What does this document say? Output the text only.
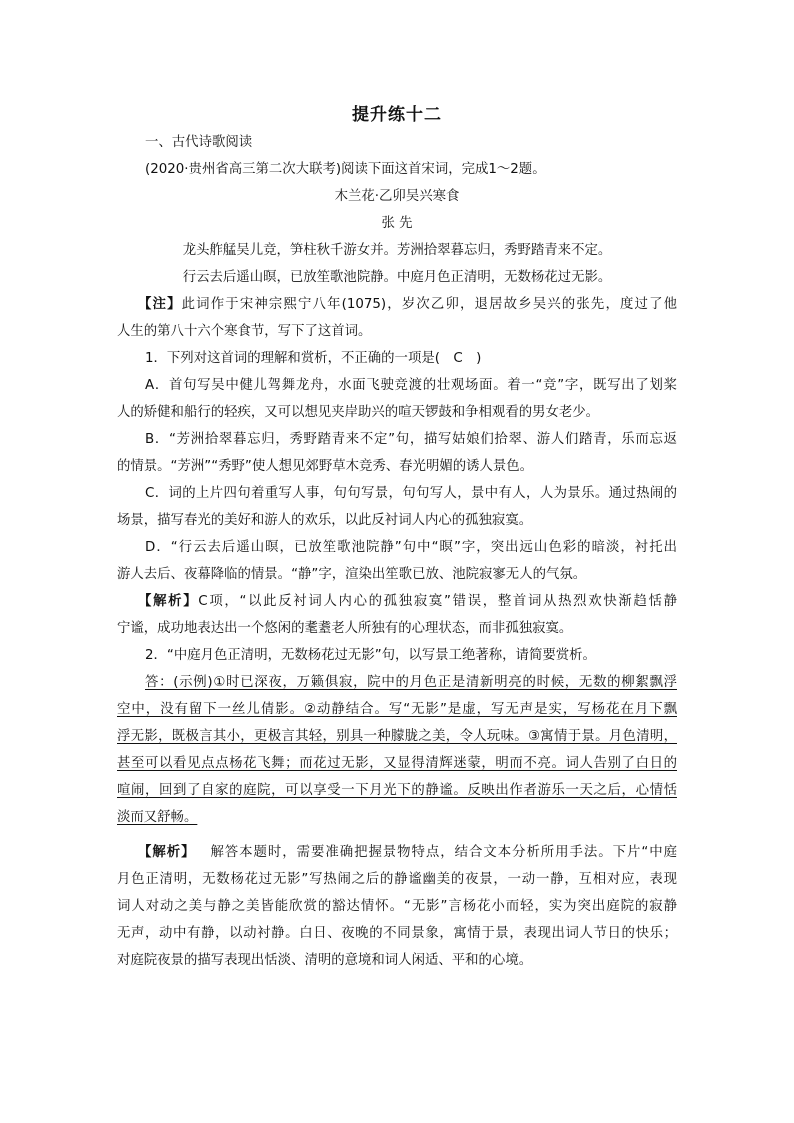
提升练十二
一、古代诗歌阅读
(2020·贵州省高三第二次大联考)阅读下面这首宋词，完成1～2题。
木兰花·乙卯吴兴寒食
张 先
龙头舴艋吴儿竞，笋柱秋千游女并。芳洲拾翠暮忘归，秀野踏青来不定。
行云去后遥山暝，已放笙歌池院静。中庭月色正清明，无数杨花过无影。
【注】此词作于宋神宗熙宁八年(1075)，岁次乙卯，退居故乡吴兴的张先，度过了他
人生的第八十六个寒食节，写下了这首词。
1．下列对这首词的理解和赏析，不正确的一项是(　C　)
A．首句写吴中健儿驾舞龙舟，水面飞驶竞渡的壮观场面。着一“竞”字，既写出了划桨
人的矫健和船行的轻疾，又可以想见夹岸助兴的喧天锣鼓和争相观看的男女老少。
B．“芳洲拾翠暮忘归，秀野踏青来不定”句，描写姑娘们拾翠、游人们踏青，乐而忘返
的情景。“芳洲”“秀野”使人想见郊野草木竞秀、春光明媚的诱人景色。
C．词的上片四句着重写人事，句句写景，句句写人，景中有人，人为景乐。通过热闹的
场景，描写春光的美好和游人的欢乐，以此反衬词人内心的孤独寂寞。
D．“行云去后遥山暝，已放笙歌池院静”句中“暝”字，突出远山色彩的暗淡，衬托出
游人去后、夜幕降临的情景。“静”字，渲染出笙歌已放、池院寂寥无人的气氛。
【解析】C项，“以此反衬词人内心的孤独寂寞”错误，整首词从热烈欢快渐趋恬静
宁谧，成功地表达出一个悠闲的耄耋老人所独有的心理状态，而非孤独寂寞。
2．“中庭月色正清明，无数杨花过无影”句，以写景工绝著称，请简要赏析。
答：(示例)①时已深夜，万籁俱寂，院中的月色正是清新明亮的时候，无数的柳絮飘浮
空中，没有留下一丝儿倩影。②动静结合。写“无影”是虚，写无声是实，写杨花在月下飘
浮无影，既极言其小，更极言其轻，别具一种朦胧之美，令人玩味。③寓情于景。月色清明，
甚至可以看见点点杨花飞舞；而花过无影，又显得清辉迷蒙，明而不亮。词人告别了白日的
喧闹，回到了自家的庭院，可以享受一下月光下的静谧。反映出作者游乐一天之后，心情恬
淡而又舒畅。
【解析】 解答本题时，需要准确把握景物特点，结合文本分析所用手法。下片“中庭
月色正清明，无数杨花过无影”写热闹之后的静谧幽美的夜景，一动一静，互相对应，表现
词人对动之美与静之美皆能欣赏的豁达情怀。“无影”言杨花小而轻，实为突出庭院的寂静
无声，动中有静，以动衬静。白日、夜晚的不同景象，寓情于景，表现出词人节日的快乐；
对庭院夜景的描写表现出恬淡、清明的意境和词人闲适、平和的心境。
